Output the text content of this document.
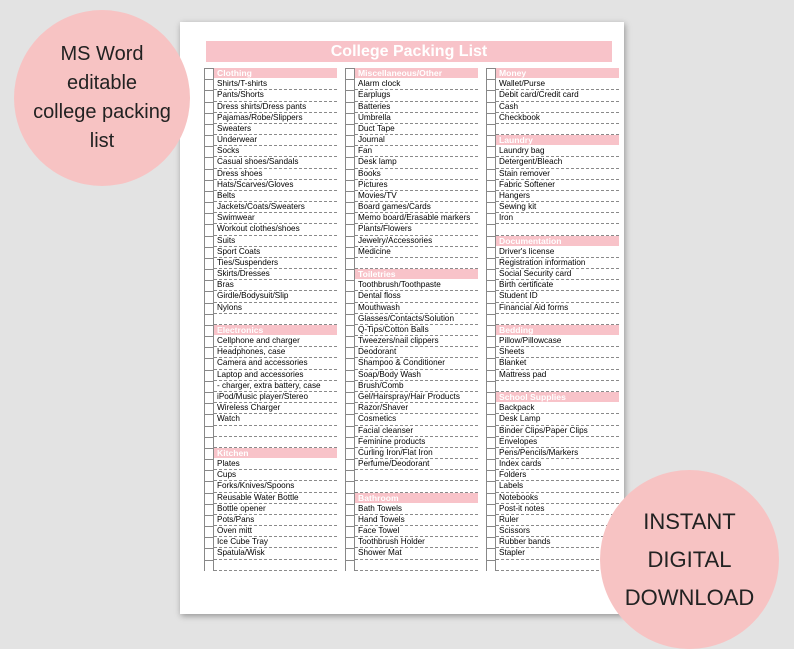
College Packing List
Clothing
Shirts/T-shirts
Pants/Shorts
Dress shirts/Dress pants
Pajamas/Robe/Slippers
Sweaters
Underwear
Socks
Casual shoes/Sandals
Dress shoes
Hats/Scarves/Gloves
Belts
Jackets/Coats/Sweaters
Swimwear
Workout clothes/shoes
Suits
Sport Coats
Ties/Suspenders
Skirts/Dresses
Bras
Girdle/Bodysuit/Slip
Nylons
Electronics
Cellphone and charger
Headphones, case
Camera and accessories
Laptop and accessories
- charger, extra battery, case
iPod/Music player/Stereo
Wireless Charger
Watch
Kitchen
Plates
Cups
Forks/Knives/Spoons
Reusable Water Bottle
Bottle opener
Pots/Pans
Oven mitt
Ice Cube Tray
Spatula/Wisk
Miscellaneous/Other
Alarm clock
Earplugs
Batteries
Umbrella
Duct Tape
Journal
Fan
Desk lamp
Books
Pictures
Movies/TV
Board games/Cards
Memo board/Erasable markers
Plants/Flowers
Jewelry/Accessories
Medicine
Toiletries
Toothbrush/Toothpaste
Dental floss
Mouthwash
Glasses/Contacts/Solution
Q-Tips/Cotton Balls
Tweezers/nail clippers
Deodorant
Shampoo & Conditioner
Soap/Body Wash
Brush/Comb
Gel/Hairspray/Hair Products
Razor/Shaver
Cosmetics
Facial cleanser
Feminine products
Curling Iron/Flat Iron
Perfume/Deodorant
Bathroom
Bath Towels
Hand Towels
Face Towel
Toothbrush Holder
Shower Mat
Money
Wallet/Purse
Debit card/Credit card
Cash
Checkbook
Laundry
Laundry bag
Detergent/Bleach
Stain remover
Fabric Softener
Hangers
Sewing kit
Iron
Documentation
Driver's license
Registration information
Social Security card
Birth certificate
Student ID
Financial Aid forms
Bedding
Pillow/Pillowcase
Sheets
Blanket
Mattress pad
School Supplies
Backpack
Desk Lamp
Binder Clips/Paper Clips
Envelopes
Pens/Pencils/Markers
Index cards
Folders
Labels
Notebooks
Post-it notes
Ruler
Scissors
Rubber bands
Stapler
MS Word
editable
college packing
list
INSTANT
DIGITAL
DOWNLOAD
